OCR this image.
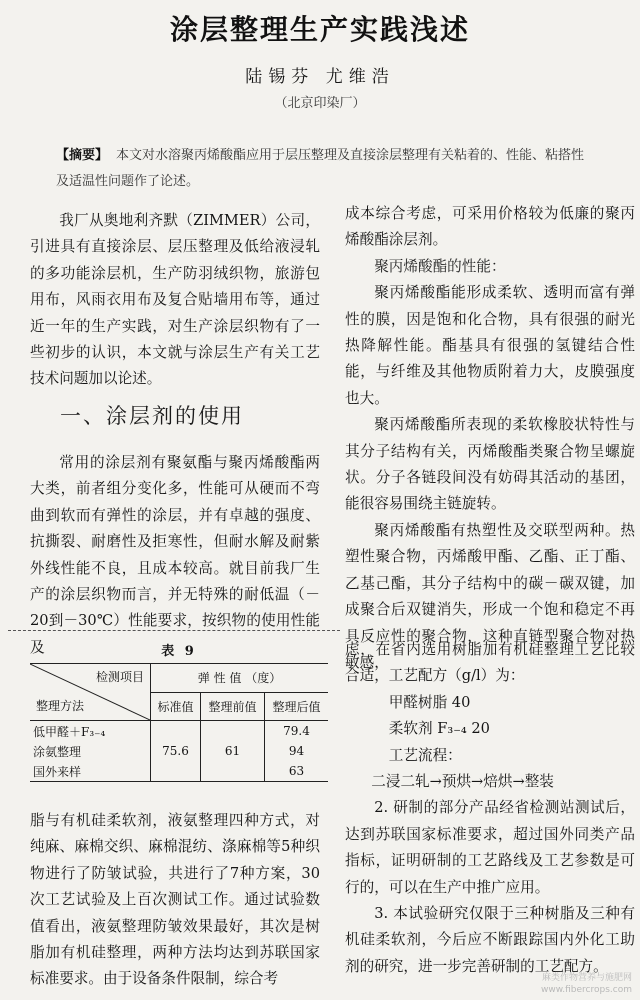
涂层整理生产实践浅述
陆锡芬 尤维浩
（北京印染厂）
【摘要】 本文对水溶聚丙烯酸酯应用于层压整理及直接涂层整理有关粘着的、性能、粘搭性及适温性问题作了论述。

我厂从奥地利齐默（ZIMMER）公司，引进具有直接涂层、层压整理及低给液浸轧的多功能涂层机，生产防羽绒织物，旅游包用布，风雨衣用布及复合贴墙用布等，通过近一年的生产实践，对生产涂层织物有了一些初步的认识，本文就与涂层生产有关工艺技术问题加以论述。

一、涂层剂的使用

常用的涂层剂有聚氨酯与聚丙烯酸酯两大类，前者组分变化多，性能可从硬而不弯曲到软而有弹性的涂层，并有卓越的强度、抗撕裂、耐磨性及拒寒性，但耐水解及耐紫外线性能不良，且成本较高。就目前我厂生产的涂层织物而言，并无特殊的耐低温（－20到－30℃）性能要求，按织物的使用性能及

成本综合考虑，可采用价格较为低廉的聚丙烯酸酯涂层剂。

聚丙烯酸酯的性能：

聚丙烯酸酯能形成柔软、透明而富有弹性的膜，因是饱和化合物，具有很强的耐光热降解性能。酯基具有很强的氢键结合性能，与纤维及其他物质附着力大，皮膜强度也大。

聚丙烯酸酯所表现的柔软橡胶状特性与其分子结构有关，丙烯酸酯类聚合物呈螺旋状。分子各链段间没有妨碍其活动的基团，能很容易围绕主链旋转。

聚丙烯酸酯有热塑性及交联型两种。热塑性聚合物，丙烯酸甲酯、乙酯、正丁酯、乙基己酯，其分子结构中的碳－碳双键，加成聚合后双键消失，形成一个饱和稳定不再具反应性的聚合物，这种直链型聚合物对热敏感，

表 9
检测项目
整理方法	弹 性 值 （度）		
	标准值	整理前值	整理后值
低甲醛＋F₃₋₄	75.6	61	79.4
涂氨整理			94
国外来样			63

虑，在省内选用树脂加有机硅整理工艺比较合适，工艺配方（g/l）为：

甲醛树脂 40

柔软剂 F₃₋₄ 20

工艺流程：

二浸二轧→预烘→焙烘→整装

2. 研制的部分产品经省检测站测试后，达到苏联国家标准要求，超过国外同类产品指标，证明研制的工艺路线及工艺参数是可行的，可以在生产中推广应用。

3. 本试验研究仅限于三种树脂及三种有机硅柔软剂，今后应不断跟踪国内外化工助剂的研究，进一步完善研制的工艺配方。

脂与有机硅柔软剂，液氨整理四种方式，对纯麻、麻棉交织、麻棉混纺、涤麻棉等5种织物进行了防皱试验，共进行了7种方案，30次工艺试验及上百次测试工作。通过试验数值看出，液氨整理防皱效果最好，其次是树脂加有机硅整理，两种方法均达到苏联国家标准要求。由于设备条件限制，综合考	麻类作物营养与施肥网
www.fibercrops.com
